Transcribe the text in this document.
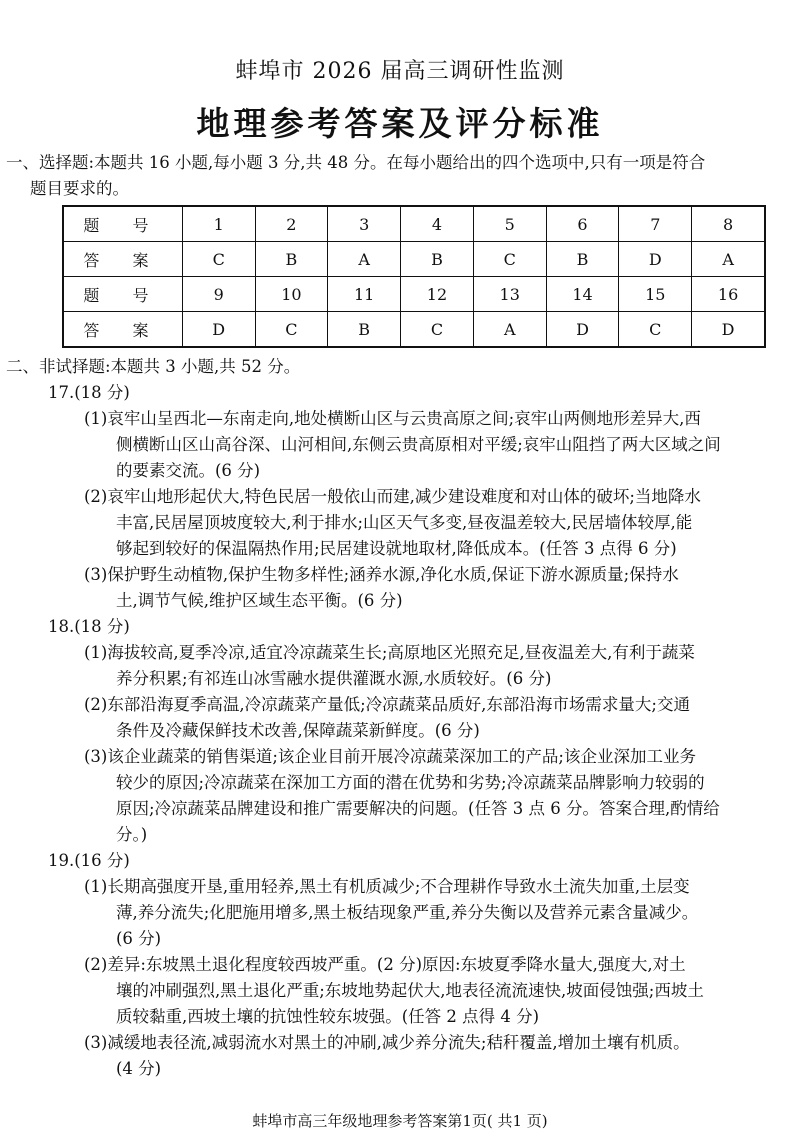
蚌埠市 2026 届高三调研性监测
地理参考答案及评分标准
一、选择题:本题共 16 小题,每小题 3 分,共 48 分。在每小题给出的四个选项中,只有一项是符合
题目要求的。
题 号	1	2	3	4	5	6	7	8
答 案	C	B	A	B	C	B	D	A
题 号	9	10	11	12	13	14	15	16
答 案	D	C	B	C	A	D	C	D
二、非试择题:本题共 3 小题,共 52 分。
17.(18 分)
(1)哀牢山呈西北—东南走向,地处横断山区与云贵高原之间;哀牢山两侧地形差异大,西
侧横断山区山高谷深、山河相间,东侧云贵高原相对平缓;哀牢山阻挡了两大区域之间
的要素交流。(6 分)
(2)哀牢山地形起伏大,特色民居一般依山而建,减少建设难度和对山体的破坏;当地降水
丰富,民居屋顶坡度较大,利于排水;山区天气多变,昼夜温差较大,民居墙体较厚,能
够起到较好的保温隔热作用;民居建设就地取材,降低成本。(任答 3 点得 6 分)
(3)保护野生动植物,保护生物多样性;涵养水源,净化水质,保证下游水源质量;保持水
土,调节气候,维护区域生态平衡。(6 分)
18.(18 分)
(1)海拔较高,夏季冷凉,适宜冷凉蔬菜生长;高原地区光照充足,昼夜温差大,有利于蔬菜
养分积累;有祁连山冰雪融水提供灌溉水源,水质较好。(6 分)
(2)东部沿海夏季高温,冷凉蔬菜产量低;冷凉蔬菜品质好,东部沿海市场需求量大;交通
条件及冷藏保鲜技术改善,保障蔬菜新鲜度。(6 分)
(3)该企业蔬菜的销售渠道;该企业目前开展冷凉蔬菜深加工的产品;该企业深加工业务
较少的原因;冷凉蔬菜在深加工方面的潜在优势和劣势;冷凉蔬菜品牌影响力较弱的
原因;冷凉蔬菜品牌建设和推广需要解决的问题。(任答 3 点 6 分。答案合理,酌情给
分。)
19.(16 分)
(1)长期高强度开垦,重用轻养,黑土有机质减少;不合理耕作导致水土流失加重,土层变
薄,养分流失;化肥施用增多,黑土板结现象严重,养分失衡以及营养元素含量减少。
(6 分)
(2)差异:东坡黑土退化程度较西坡严重。(2 分)原因:东坡夏季降水量大,强度大,对土
壤的冲刷强烈,黑土退化严重;东坡地势起伏大,地表径流流速快,坡面侵蚀强;西坡土
质较黏重,西坡土壤的抗蚀性较东坡强。(任答 2 点得 4 分)
(3)减缓地表径流,减弱流水对黑土的冲刷,减少养分流失;秸秆覆盖,增加土壤有机质。
(4 分)
蚌埠市高三年级地理参考答案第1页( 共1 页)
